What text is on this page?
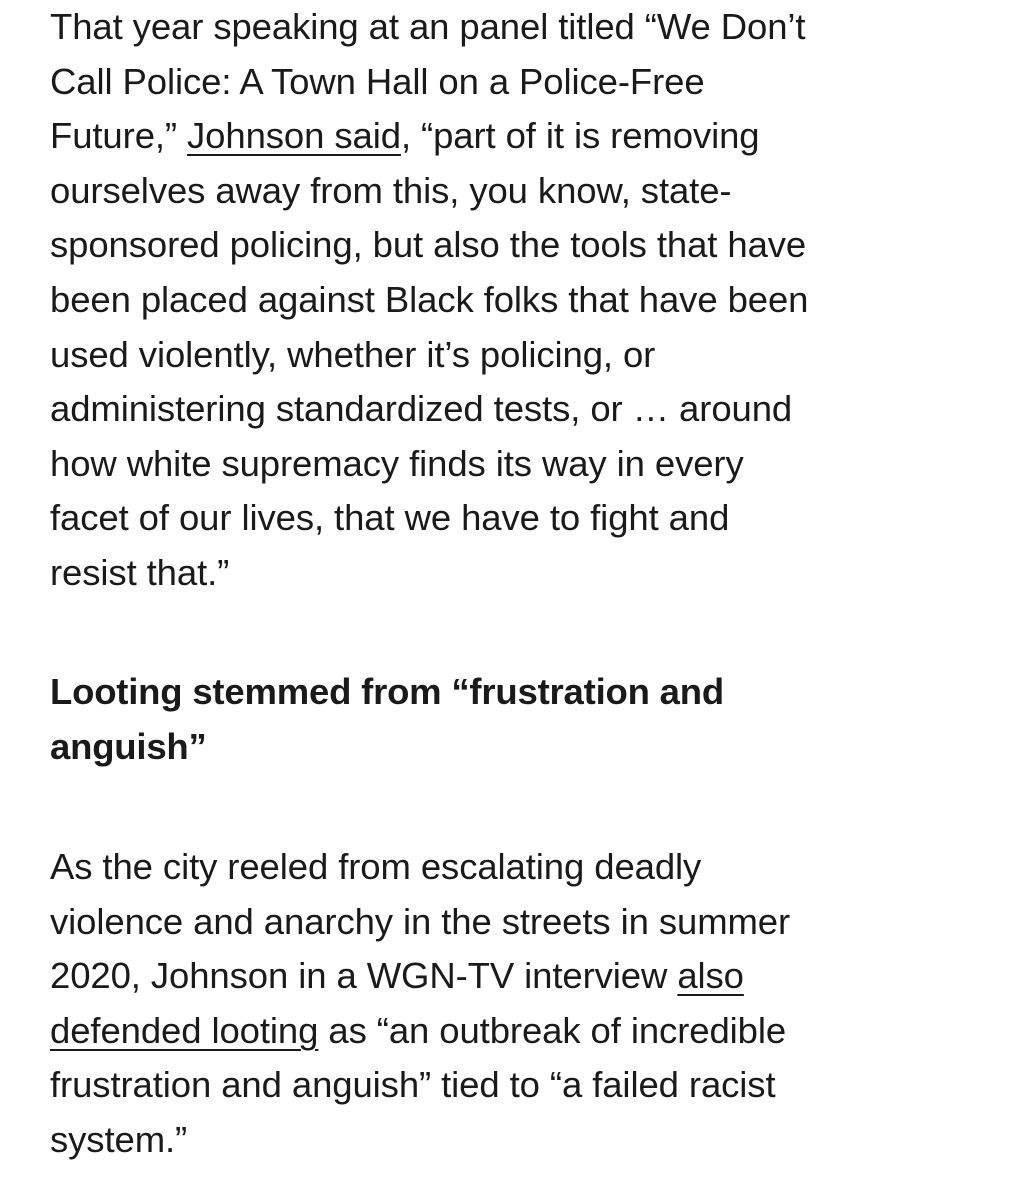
That year speaking at an panel titled “We Don’t
Call Police: A Town Hall on a Police-Free
Future,” Johnson said, “part of it is removing
ourselves away from this, you know, state-
sponsored policing, but also the tools that have
been placed against Black folks that have been
used violently, whether it’s policing, or
administering standardized tests, or … around
how white supremacy finds its way in every
facet of our lives, that we have to fight and
resist that.”

Looting stemmed from “frustration and
anguish”

As the city reeled from escalating deadly
violence and anarchy in the streets in summer
2020, Johnson in a WGN-TV interview also
defended looting as “an outbreak of incredible
frustration and anguish” tied to “a failed racist
system.”
